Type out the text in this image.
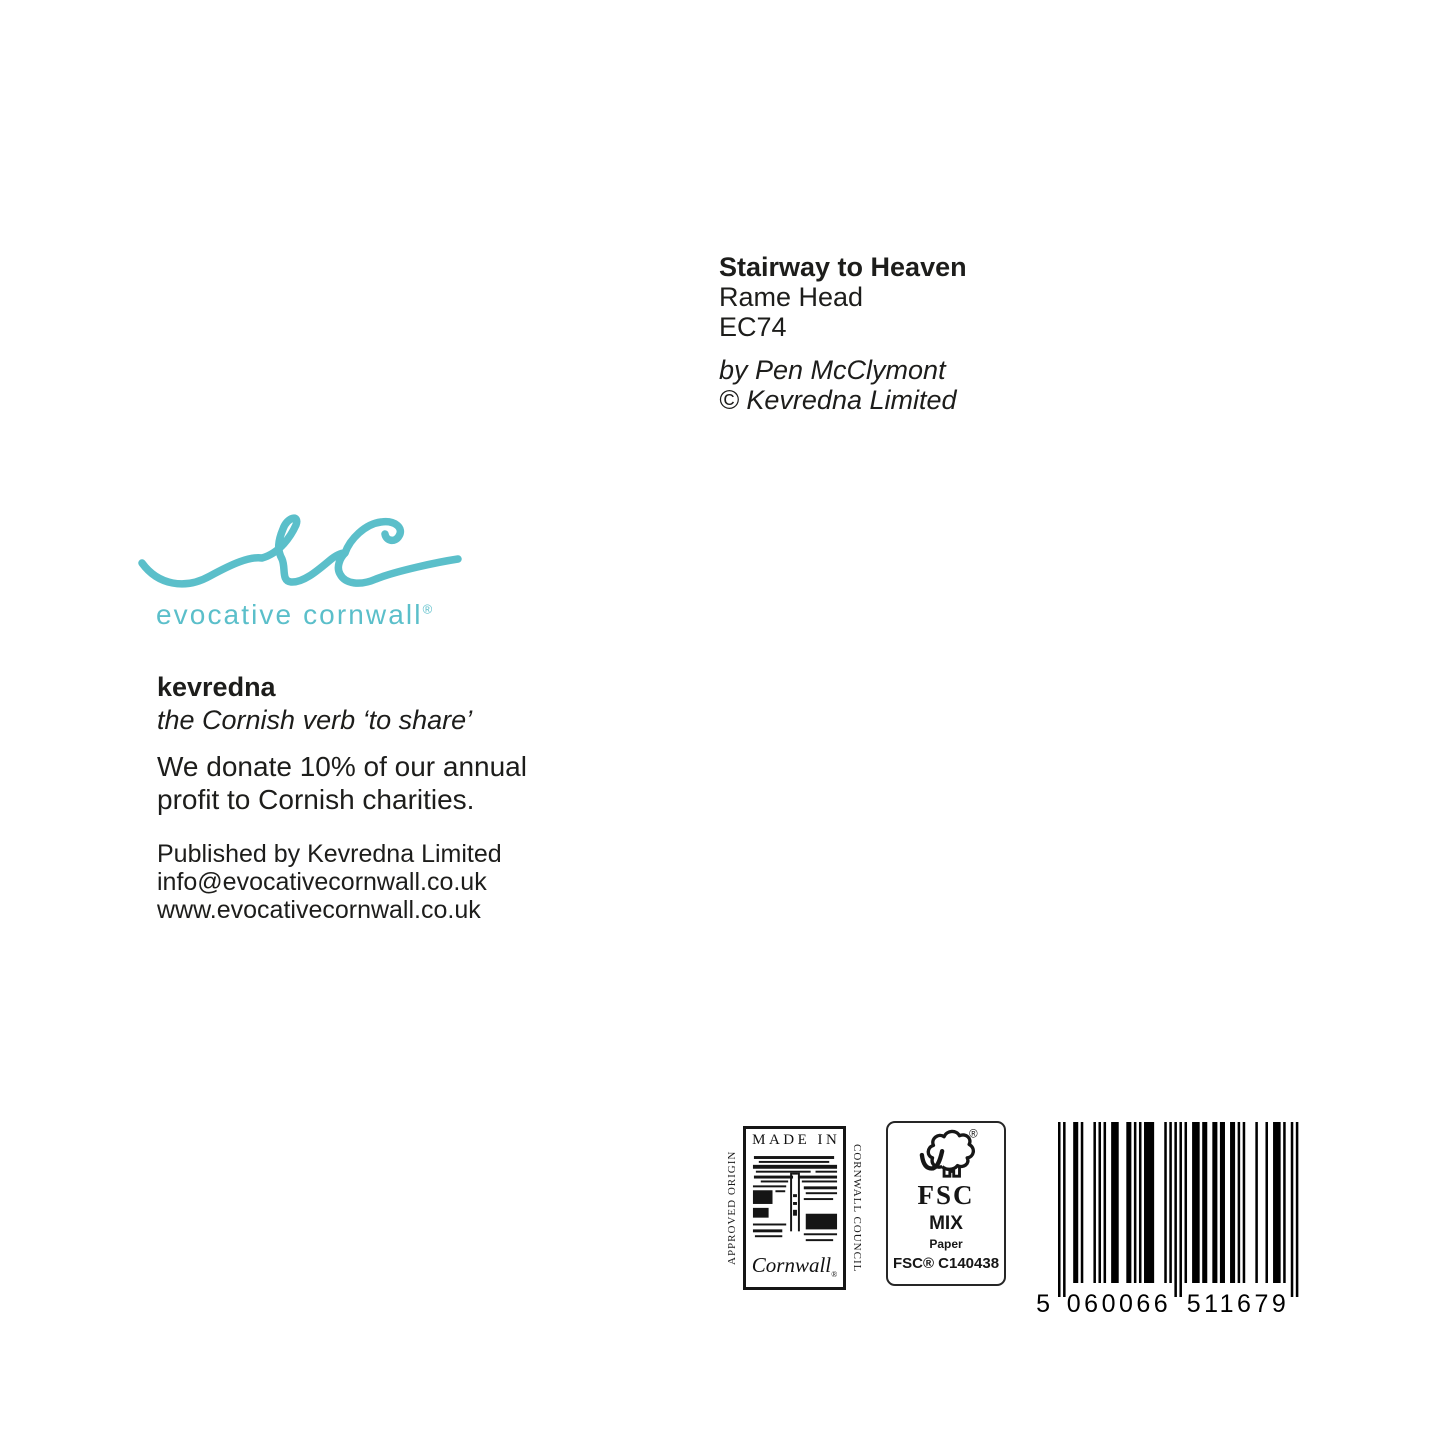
Stairway to Heaven
Rame Head
EC74
by Pen McClymont
© Kevredna Limited
evocative cornwall®
kevredna
the Cornish verb ‘to share’
We donate 10% of our annual
profit to Cornish charities.
Published by Kevredna Limited
info@evocativecornwall.co.uk
www.evocativecornwall.co.uk
APPROVED ORIGIN
MADE IN
Cornwall®
CORNWALL COUNCIL
®
FSC
MIX
Paper
FSC® C140438
5 060066 511679
